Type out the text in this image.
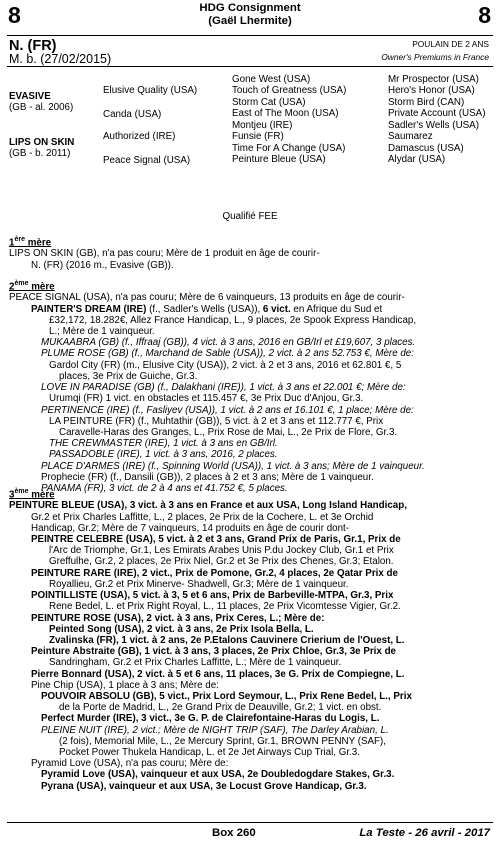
8	8
HDG Consignment
(Gaël Lhermite)
N. (FR)
M. b. (27/02/2015)
POULAIN DE 2 ANS
Owner's Premiums in France
EVASIVE
(GB - al. 2006)
LIPS ON SKIN
(GB - b. 2011)
Elusive Quality (USA)
Canda (USA)
Authorized (IRE)
Peace Signal (USA)
Gone West (USA)
Touch of Greatness (USA)
Storm Cat (USA)
East of The Moon (USA)
Montjeu (IRE)
Funsie (FR)
Time For A Change (USA)
Peinture Bleue (USA)
Mr Prospector (USA)
Hero's Honor (USA)
Storm Bird (CAN)
Private Account (USA)
Sadler's Wells (USA)
Saumarez
Damascus (USA)
Alydar (USA)
Qualifié FEE
1ère mère
LIPS ON SKIN (GB), n'a pas couru; Mère de 1 produit en âge de courir-
N. (FR) (2016 m., Evasive (GB)).
2ème mère
PEACE SIGNAL (USA), n'a pas couru; Mère de 6 vainqueurs, 13 produits en âge de courir-
PAINTER'S DREAM (IRE) (f., Sadler's Wells (USA)), 6 vict. en Afrique du Sud et
£32,172, 18.282€, Allez France Handicap, L., 9 places, 2e Spook Express Handicap,
L.; Mère de 1 vainqueur.
MUKAABRA (GB) (f., Iffraaj (GB)), 4 vict. à 3 ans, 2016 en GB/Irl et £19,607, 3 places.
PLUME ROSE (GB) (f., Marchand de Sable (USA)), 2 vict. à 2 ans 52.753 €, Mère de:
Gardol City (FR) (m., Elusive City (USA)), 2 vict. à 2 et 3 ans, 2016 et 62.801 €, 5
places, 3e Prix de Guiche, Gr.3.
LOVE IN PARADISE (GB) (f., Dalakhani (IRE)), 1 vict. à 3 ans et 22.001 €; Mère de:
Urumqi (FR) 1 vict. en obstacles et 115.457 €, 3e Prix Duc d'Anjou, Gr.3.
PERTINENCE (IRE) (f., Fasliyev (USA)), 1 vict. à 2 ans et 16.101 €, 1 place; Mère de:
LA PEINTURE (FR) (f., Muhtathir (GB)), 5 vict. à 2 et 3 ans et 112.777 €, Prix
Caravelle-Haras des Granges, L., Prix Rose de Mai, L., 2e Prix de Flore, Gr.3.
THE CREWMASTER (IRE), 1 vict. à 3 ans en GB/Irl.
PASSADOBLE (IRE), 1 vict. à 3 ans, 2016, 2 places.
PLACE D'ARMES (IRE) (f., Spinning World (USA)), 1 vict. à 3 ans; Mère de 1 vainqueur.
Prophecie (FR) (f., Dansili (GB)), 2 places à 2 et 3 ans; Mère de 1 vainqueur.
PANAMA (FR), 3 vict. de 2 à 4 ans et 41.752 €, 5 places.
3ème mère
PEINTURE BLEUE (USA), 3 vict. à 3 ans en France et aux USA, Long Island Handicap,
Gr.2 et Prix Charles Laffitte, L., 2 places, 2e Prix de la Cochere, L. et 3e Orchid
Handicap, Gr.2; Mère de 7 vainqueurs, 14 produits en âge de courir dont-
PEINTRE CELEBRE (USA), 5 vict. à 2 et 3 ans, Grand Prix de Paris, Gr.1, Prix de
l'Arc de Triomphe, Gr.1, Les Emirats Arabes Unis P.du Jockey Club, Gr.1 et Prix
Greffulhe, Gr.2, 2 places, 2e Prix Niel, Gr.2 et 3e Prix des Chenes, Gr.3; Etalon.
PEINTURE RARE (IRE), 2 vict., Prix de Pomone, Gr.2, 4 places, 2e Qatar Prix de
Royallieu, Gr.2 et Prix Minerve- Shadwell, Gr.3; Mère de 1 vainqueur.
POINTILLISTE (USA), 5 vict. à 3, 5 et 6 ans, Prix de Barbeville-MTPA, Gr.3, Prix
Rene Bedel, L. et Prix Right Royal, L., 11 places, 2e Prix Vicomtesse Vigier, Gr.2.
PEINTURE ROSE (USA), 2 vict. à 3 ans, Prix Ceres, L.; Mère de:
Peinted Song (USA), 2 vict. à 3 ans, 2e Prix Isola Bella, L.
Zvalinska (FR), 1 vict. à 2 ans, 2e P.Etalons Cauvinere Crierium de l'Ouest, L.
Peinture Abstraite (GB), 1 vict. à 3 ans, 3 places, 2e Prix Chloe, Gr.3, 3e Prix de
Sandringham, Gr.2 et Prix Charles Laffitte, L.; Mère de 1 vainqueur.
Pierre Bonnard (USA), 2 vict. à 5 et 6 ans, 11 places, 3e G. Prix de Compiegne, L.
Pine Chip (USA), 1 place à 3 ans; Mère de:
POUVOIR ABSOLU (GB), 5 vict., Prix Lord Seymour, L., Prix Rene Bedel, L., Prix
de la Porte de Madrid, L., 2e Grand Prix de Deauville, Gr.2; 1 vict. en obst.
Perfect Murder (IRE), 3 vict., 3e G. P. de Clairefontaine-Haras du Logis, L.
PLEINE NUIT (IRE), 2 vict.; Mère de NIGHT TRIP (SAF), The Darley Arabian, L.
(2 fois), Memorial Mile, L., 2e Mercury Sprint, Gr.1, BROWN PENNY (SAF),
Pocket Power Thukela Handicap, L. et 2e Jet Airways Cup Trial, Gr.3.
Pyramid Love (USA), n'a pas couru; Mère de:
Pyramid Love (USA), vainqueur et aux USA, 2e Doubledogdare Stakes, Gr.3.
Pyrana (USA), vainqueur et aux USA, 3e Locust Grove Handicap, Gr.3.
Box 260	La Teste - 26 avril - 2017
